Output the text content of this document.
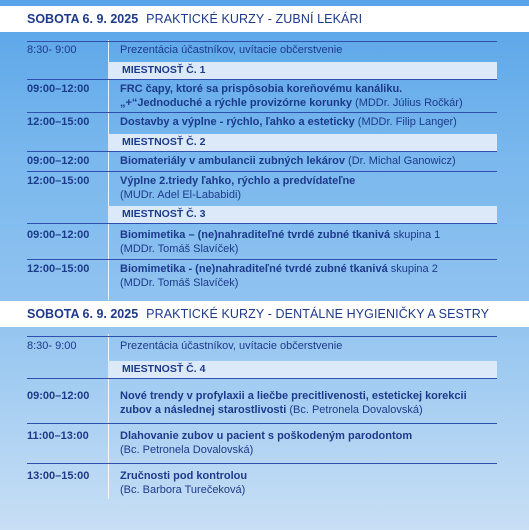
SOBOTA 6. 9. 2025 PRAKTICKÉ KURZY - ZUBNÍ LEKÁRI
8:30- 9:00	Prezentácia účastníkov, uvítacie občerstvenie
MIESTNOSŤ Č. 1
09:00–12:00	FRC čapy, ktoré sa prispôsobia koreňovému kanáliku.
„+“Jednoduché a rýchle provizórne korunky (MDDr. Július Ročkár)
12:00–15:00	Dostavby a výplne - rýchlo, ľahko a esteticky (MDDr. Filip Langer)
MIESTNOSŤ Č. 2
09:00–12:00	Biomateriály v ambulancii zubných lekárov (Dr. Michal Ganowicz)
12:00–15:00	Výplne 2.triedy ľahko, rýchlo a predvídateľne
(MUDr. Adel El-Lababidi)
MIESTNOSŤ Č. 3
09:00–12:00	Biomimetika – (ne)nahraditeľné tvrdé zubné tkanivá skupina 1
(MDDr. Tomáš Slavíček)
12:00–15:00	Biomimetika - (ne)nahraditeľné tvrdé zubné tkanivá skupina 2
(MDDr. Tomáš Slavíček)
SOBOTA 6. 9. 2025 PRAKTICKÉ KURZY - DENTÁLNE HYGIENIČKY A SESTRY
8:30- 9:00	Prezentácia účastníkov, uvítacie občerstvenie
MIESTNOSŤ Č. 4
09:00–12:00	Nové trendy v profylaxii a liečbe precitlivenosti, estetickej korekcii
zubov a následnej starostlivosti (Bc. Petronela Dovalovská)
11:00–13:00	Dlahovanie zubov u pacient s poškodeným parodontom
(Bc. Petronela Dovalovská)
13:00–15:00	Zručnosti pod kontrolou
(Bc. Barbora Turečeková)
